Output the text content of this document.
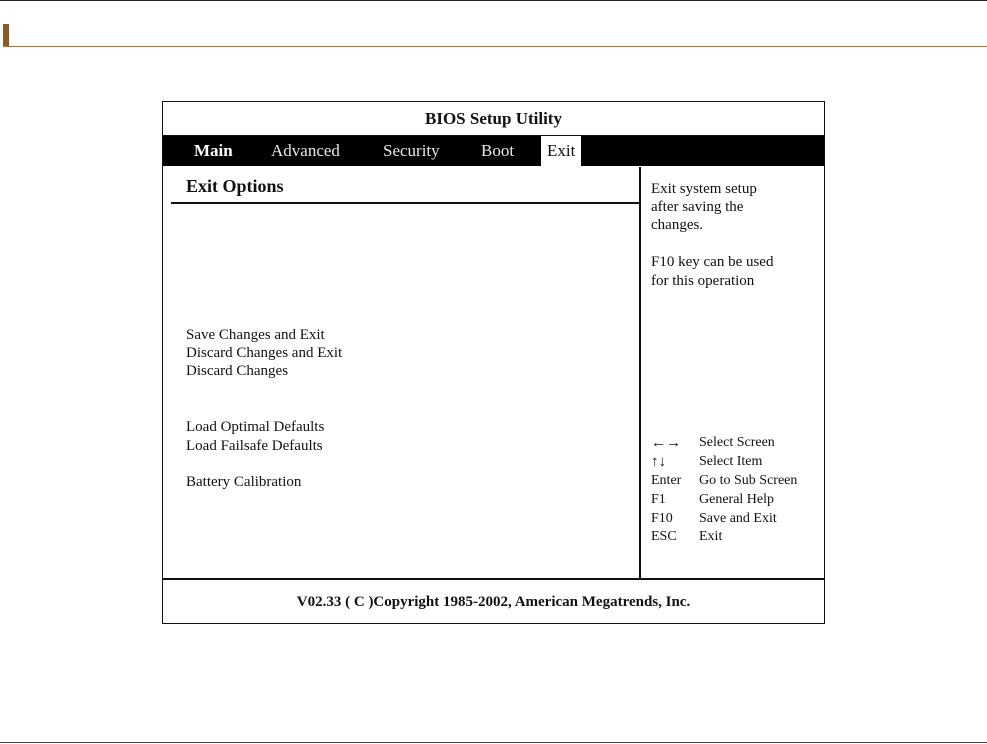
BIOS Setup Utility
Main Advanced	Security Boot	Exit
Exit Options
Save Changes and Exit
Discard Changes and Exit
Discard Changes
Load Optimal Defaults
Load Failsafe Defaults
Battery Calibration
Exit system setup
after saving the
changes.
F10 key can be used
for this operation
←→	Select Screen
↑↓	Select Item
Enter	Go to Sub Screen
F1	General Help
F10	Save and Exit
ESC	Exit
V02.33 ( C )Copyright 1985-2002, American Megatrends, Inc.
